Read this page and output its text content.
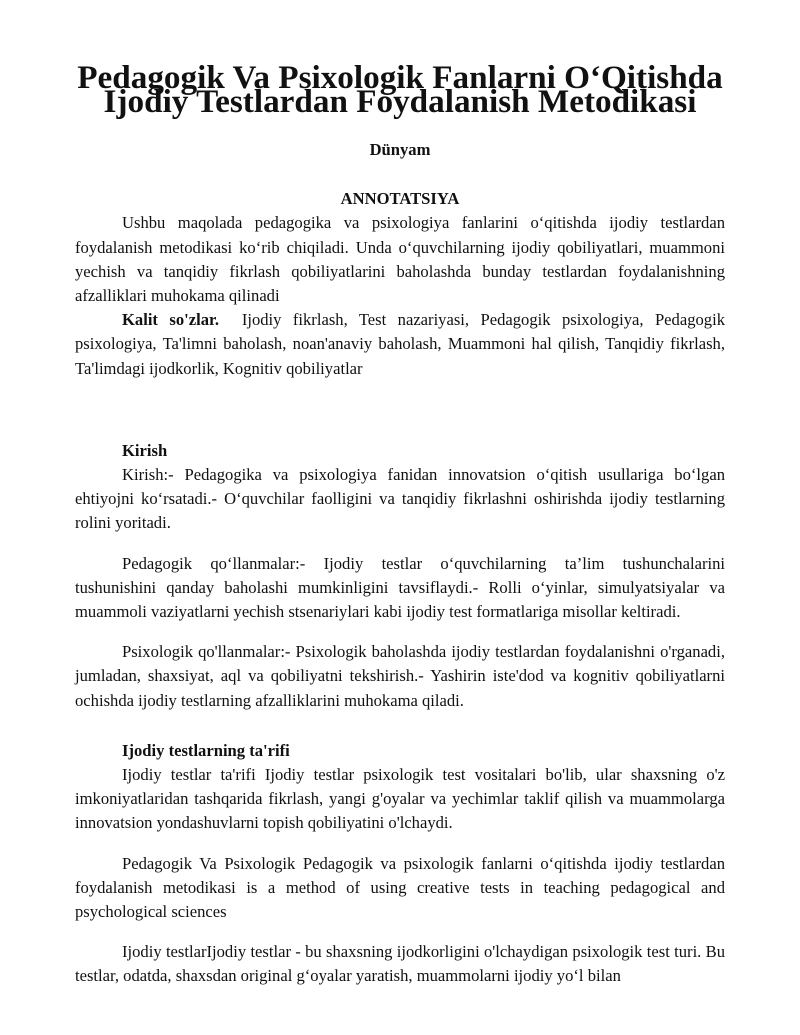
Pedagogik Va Psixologik Fanlarni O‘Qitishda Ijodiy Testlardan Foydalanish Metodikasi
Dünyam
ANNOTATSIYA

Ushbu maqolada pedagogika va psixologiya fanlarini o‘qitishda ijodiy testlardan foydalanish metodikasi ko‘rib chiqiladi. Unda o‘quvchilarning ijodiy qobiliyatlari, muammoni yechish va tanqidiy fikrlash qobiliyatlarini baholashda bunday testlardan foydalanishning afzalliklari muhokama qilinadi

Kalit so'zlar. Ijodiy fikrlash, Test nazariyasi, Pedagogik psixologiya, Pedagogik psixologiya, Ta'limni baholash, noan'anaviy baholash, Muammoni hal qilish, Tanqidiy fikrlash, Ta'limdagi ijodkorlik, Kognitiv qobiliyatlar

Kirish

Kirish:- Pedagogika va psixologiya fanidan innovatsion o‘qitish usullariga bo‘lgan ehtiyojni ko‘rsatadi.- O‘quvchilar faolligini va tanqidiy fikrlashni oshirishda ijodiy testlarning rolini yoritadi.

Pedagogik qo‘llanmalar:- Ijodiy testlar o‘quvchilarning ta’lim tushunchalarini tushunishini qanday baholashi mumkinligini tavsiflaydi.- Rolli o‘yinlar, simulyatsiyalar va muammoli vaziyatlarni yechish stsenariylari kabi ijodiy test formatlariga misollar keltiradi.

Psixologik qo'llanmalar:- Psixologik baholashda ijodiy testlardan foydalanishni o'rganadi, jumladan, shaxsiyat, aql va qobiliyatni tekshirish.- Yashirin iste'dod va kognitiv qobiliyatlarni ochishda ijodiy testlarning afzalliklarini muhokama qiladi.

Ijodiy testlarning ta'rifi

Ijodiy testlar ta'rifi Ijodiy testlar psixologik test vositalari bo'lib, ular shaxsning o'z imkoniyatlaridan tashqarida fikrlash, yangi g'oyalar va yechimlar taklif qilish va muammolarga innovatsion yondashuvlarni topish qobiliyatini o'lchaydi.

Pedagogik Va Psixologik Pedagogik va psixologik fanlarni o‘qitishda ijodiy testlardan foydalanish metodikasi is a method of using creative tests in teaching pedagogical and psychological sciences

Ijodiy testlarIjodiy testlar - bu shaxsning ijodkorligini o'lchaydigan psixologik test turi. Bu testlar, odatda, shaxsdan original g‘oyalar yaratish, muammolarni ijodiy yo‘l bilan
